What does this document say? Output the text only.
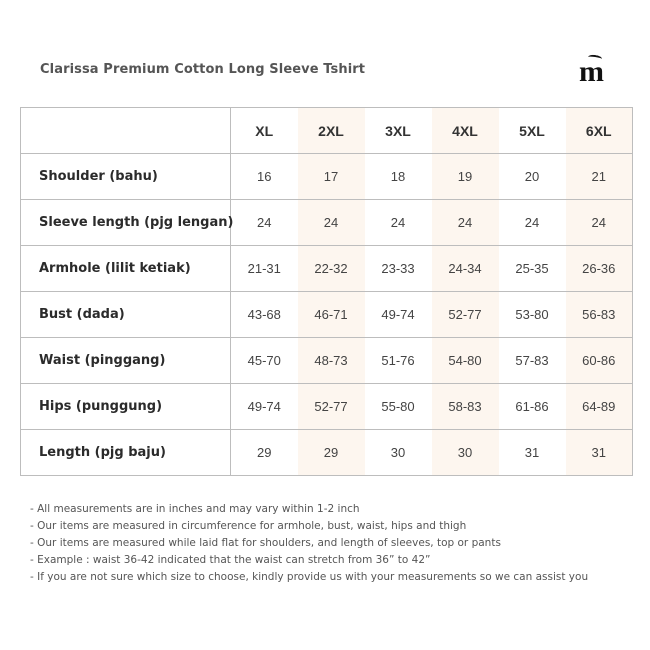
Clarissa Premium Cotton Long Sleeve Tshirt	m
	XL	2XL	3XL	4XL	5XL	6XL
Shoulder (bahu)	16	17	18	19	20	21
Sleeve length (pjg lengan)	24	24	24	24	24	24
Armhole (lilit ketiak)	21-31	22-32	23-33	24-34	25-35	26-36
Bust (dada)	43-68	46-71	49-74	52-77	53-80	56-83
Waist (pinggang)	45-70	48-73	51-76	54-80	57-83	60-86
Hips (punggung)	49-74	52-77	55-80	58-83	61-86	64-89
Length (pjg baju)	29	29	30	30	31	31
- All measurements are in inches and may vary within 1-2 inch
- Our items are measured in circumference for armhole, bust, waist, hips and thigh
- Our items are measured while laid flat for shoulders, and length of sleeves, top or pants
- Example : waist 36-42 indicated that the waist can stretch from 36” to 42”
- If you are not sure which size to choose, kindly provide us with your measurements so we can assist you
